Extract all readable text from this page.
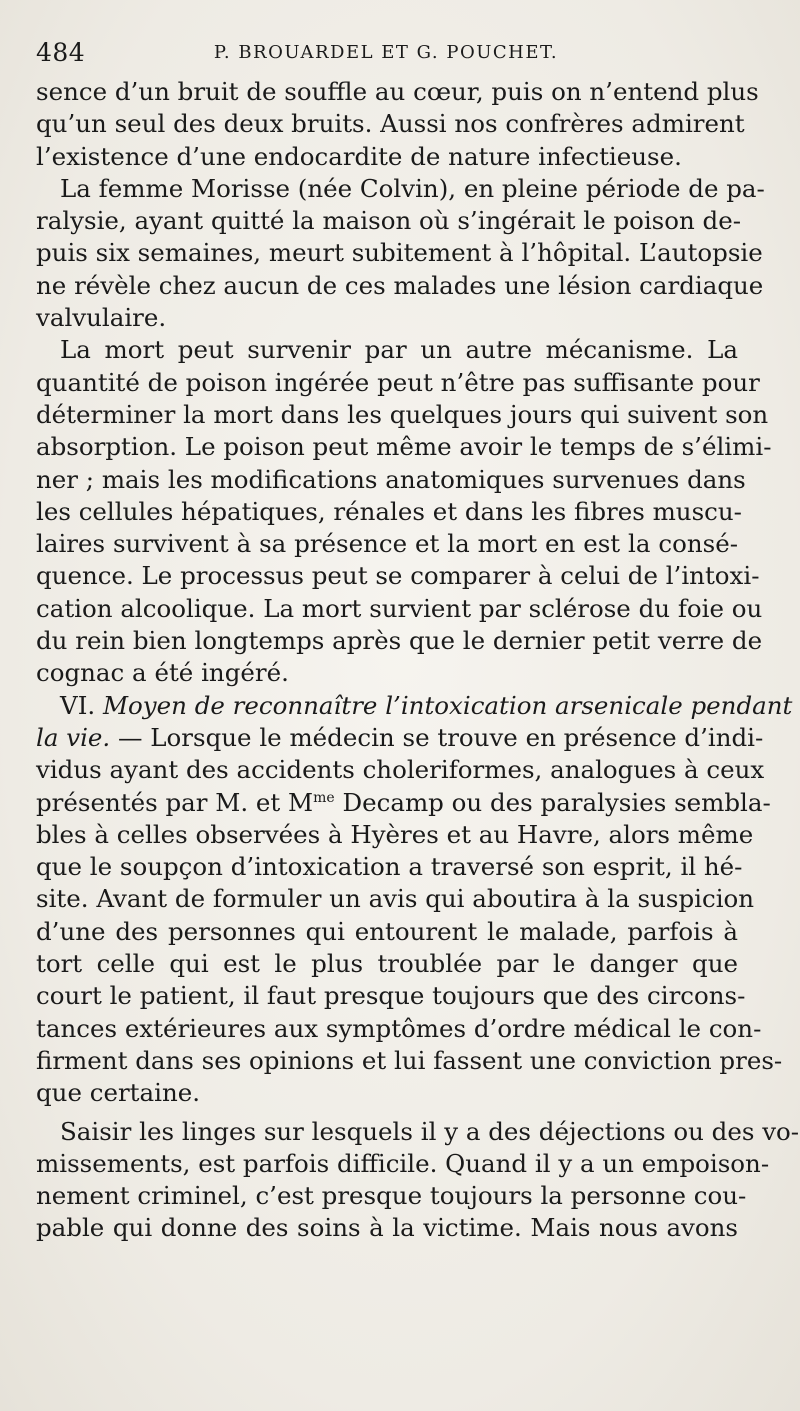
484	P. BROUARDEL ET G. POUCHET.
sence d’un bruit de souffle au cœur, puis on n’entend plus
qu’un seul des deux bruits. Aussi nos confrères admirent
l’existence d’une endocardite de nature infectieuse.
La femme Morisse (née Colvin), en pleine période de pa-
ralysie, ayant quitté la maison où s’ingérait le poison de-
puis six semaines, meurt subitement à l’hôpital. L’autopsie
ne révèle chez aucun de ces malades une lésion cardiaque
valvulaire.
La mort peut survenir par un autre mécanisme. La
quantité de poison ingérée peut n’être pas suffisante pour
déterminer la mort dans les quelques jours qui suivent son
absorption. Le poison peut même avoir le temps de s’élimi-
ner ; mais les modifications anatomiques survenues dans
les cellules hépatiques, rénales et dans les fibres muscu-
laires survivent à sa présence et la mort en est la consé-
quence. Le processus peut se comparer à celui de l’intoxi-
cation alcoolique. La mort survient par sclérose du foie ou
du rein bien longtemps après que le dernier petit verre de
cognac a été ingéré.
VI. Moyen de reconnaître l’intoxication arsenicale pendant
la vie. — Lorsque le médecin se trouve en présence d’indi-
vidus ayant des accidents choleriformes, analogues à ceux
présentés par M. et $M^{me}$ Decamp ou des paralysies sembla-
bles à celles observées à Hyères et au Havre, alors même
que le soupçon d’intoxication a traversé son esprit, il hé-
site. Avant de formuler un avis qui aboutira à la suspicion
d’une des personnes qui entourent le malade, parfois à
tort celle qui est le plus troublée par le danger que
court le patient, il faut presque toujours que des circons-
tances extérieures aux symptômes d’ordre médical le con-
firment dans ses opinions et lui fassent une conviction pres-
que certaine.
Saisir les linges sur lesquels il y a des déjections ou des vo-
missements, est parfois difficile. Quand il y a un empoison-
nement criminel, c’est presque toujours la personne cou-
pable qui donne des soins à la victime. Mais nous avons
